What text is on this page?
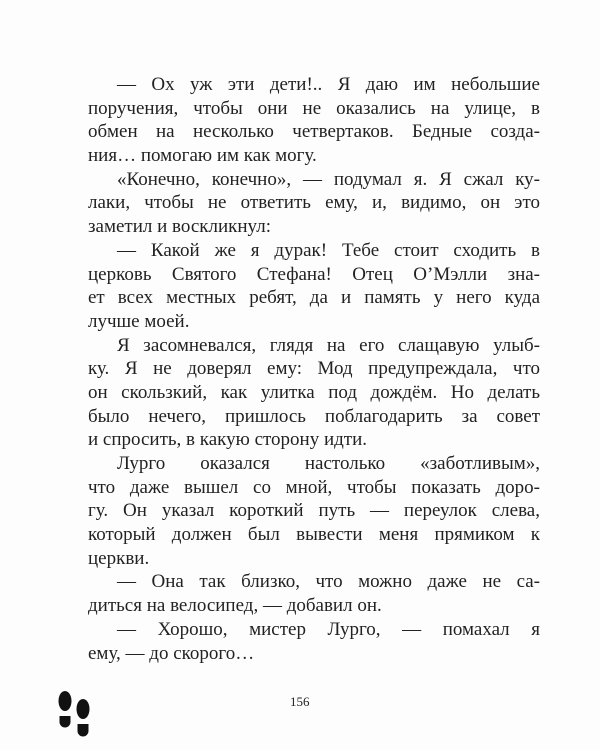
— Ох уж эти дети!.. Я даю им небольшие
поручения, чтобы они не оказались на улице, в
обмен на несколько четвертаков. Бедные созда-
ния… помогаю им как могу.
«Конечно, конечно», — подумал я. Я сжал ку-
лаки, чтобы не ответить ему, и, видимо, он это
заметил и воскликнул:
— Какой же я дурак! Тебе стоит сходить в
церковь Святого Стефана! Отец О’Мэлли зна-
ет всех местных ребят, да и память у него куда
лучше моей.
Я засомневался, глядя на его слащавую улыб-
ку. Я не доверял ему: Мод предупреждала, что
он скользкий, как улитка под дождём. Но делать
было нечего, пришлось поблагодарить за совет
и спросить, в какую сторону идти.
Лурго оказался настолько «заботливым»,
что даже вышел со мной, чтобы показать доро-
гу. Он указал короткий путь — переулок слева,
который должен был вывести меня прямиком к
церкви.
— Она так близко, что можно даже не са-
диться на велосипед, — добавил он.
— Хорошо, мистер Лурго, — помахал я
ему, — до скорого…
156
